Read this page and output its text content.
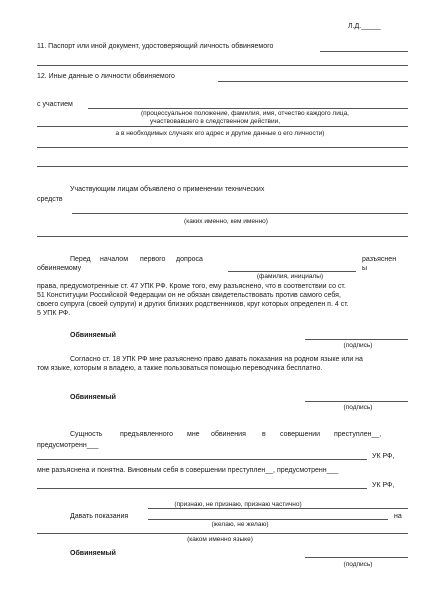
Л.Д._____
11. Паспорт или иной документ, удостоверяющий личность обвиняемого
12. Иные данные о личности обвиняемого
с участием
(процессуальное положение, фамилия, имя, отчество каждого лица,
участвовавшего в следственном действии,
а в необходимых случаях его адрес и другие данные о его личности)
Участвующим лицам объявлено о применении технических
средств
(каких именно, кем именно)
Перед началом первого допроса	разъяснен
обвиняемому	ы
(фамилия, инициалы)
права, предусмотренные ст. 47 УПК РФ. Кроме того, ему разъяснено, что в соответствии со ст.
51 Конституции Российской Федерации он не обязан свидетельствовать против самого себя,
своего супруга (своей супруги) и других близких родственников, круг которых определен п. 4 ст.
5 УПК РФ.
Обвиняемый
(подпись)
Согласно ст. 18 УПК РФ мне разъяснено право давать показания на родном языке или на
том языке, которым я владею, а также пользоваться помощью переводчика бесплатно.
Обвиняемый
(подпись)
Сущность	предъявленного мне обвинения в совершении преступлен__,
предусмотренн___
УК РФ,
мне разъяснена и понятна. Виновным себя в совершении преступлен__, предусмотренн___
УК РФ,
Давать показания
(признаю, не признаю, признаю частично)
на
(желаю, не желаю)
(каком именно языке)
Обвиняемый
(подпись)
